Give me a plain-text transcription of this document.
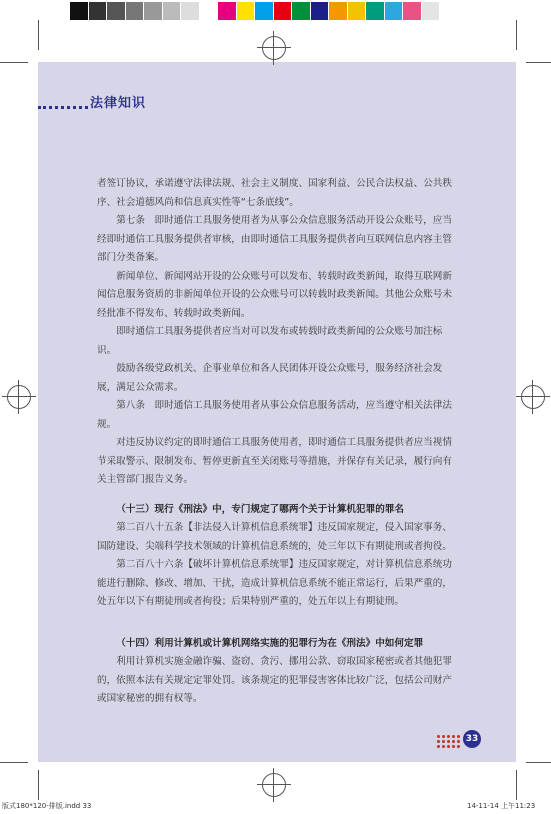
法律知识

者签订协议，承诺遵守法律法规、社会主义制度、国家利益、公民合法权益、公共秩序、社会道德风尚和信息真实性等“七条底线”。

第七条　即时通信工具服务使用者为从事公众信息服务活动开设公众账号，应当经即时通信工具服务提供者审核，由即时通信工具服务提供者向互联网信息内容主管部门分类备案。

新闻单位、新闻网站开设的公众账号可以发布、转载时政类新闻，取得互联网新闻信息服务资质的非新闻单位开设的公众账号可以转载时政类新闻。其他公众账号未经批准不得发布、转载时政类新闻。

即时通信工具服务提供者应当对可以发布或转载时政类新闻的公众账号加注标识。

鼓励各级党政机关、企事业单位和各人民团体开设公众账号，服务经济社会发展，满足公众需求。

第八条　即时通信工具服务使用者从事公众信息服务活动，应当遵守相关法律法规。

对违反协议约定的即时通信工具服务使用者，即时通信工具服务提供者应当视情节采取警示、限制发布、暂停更新直至关闭账号等措施，并保存有关记录，履行向有关主管部门报告义务。

（十三）现行《刑法》中，专门规定了哪两个关于计算机犯罪的罪名

第二百八十五条【非法侵入计算机信息系统罪】违反国家规定，侵入国家事务、国防建设、尖端科学技术领域的计算机信息系统的，处三年以下有期徒刑或者拘役。

第二百八十六条【破坏计算机信息系统罪】违反国家规定，对计算机信息系统功能进行删除、修改、增加、干扰，造成计算机信息系统不能正常运行，后果严重的，处五年以下有期徒刑或者拘役；后果特别严重的，处五年以上有期徒刑。

（十四）利用计算机或计算机网络实施的犯罪行为在《刑法》中如何定罪

利用计算机实施金融诈骗、盗窃、贪污、挪用公款、窃取国家秘密或者其他犯罪的，依照本法有关规定定罪处罚。该条规定的犯罪侵害客体比较广泛，包括公司财产或国家秘密的拥有权等。

33
版式180*120-排版.indd 33	14-11-14 上午11:23
